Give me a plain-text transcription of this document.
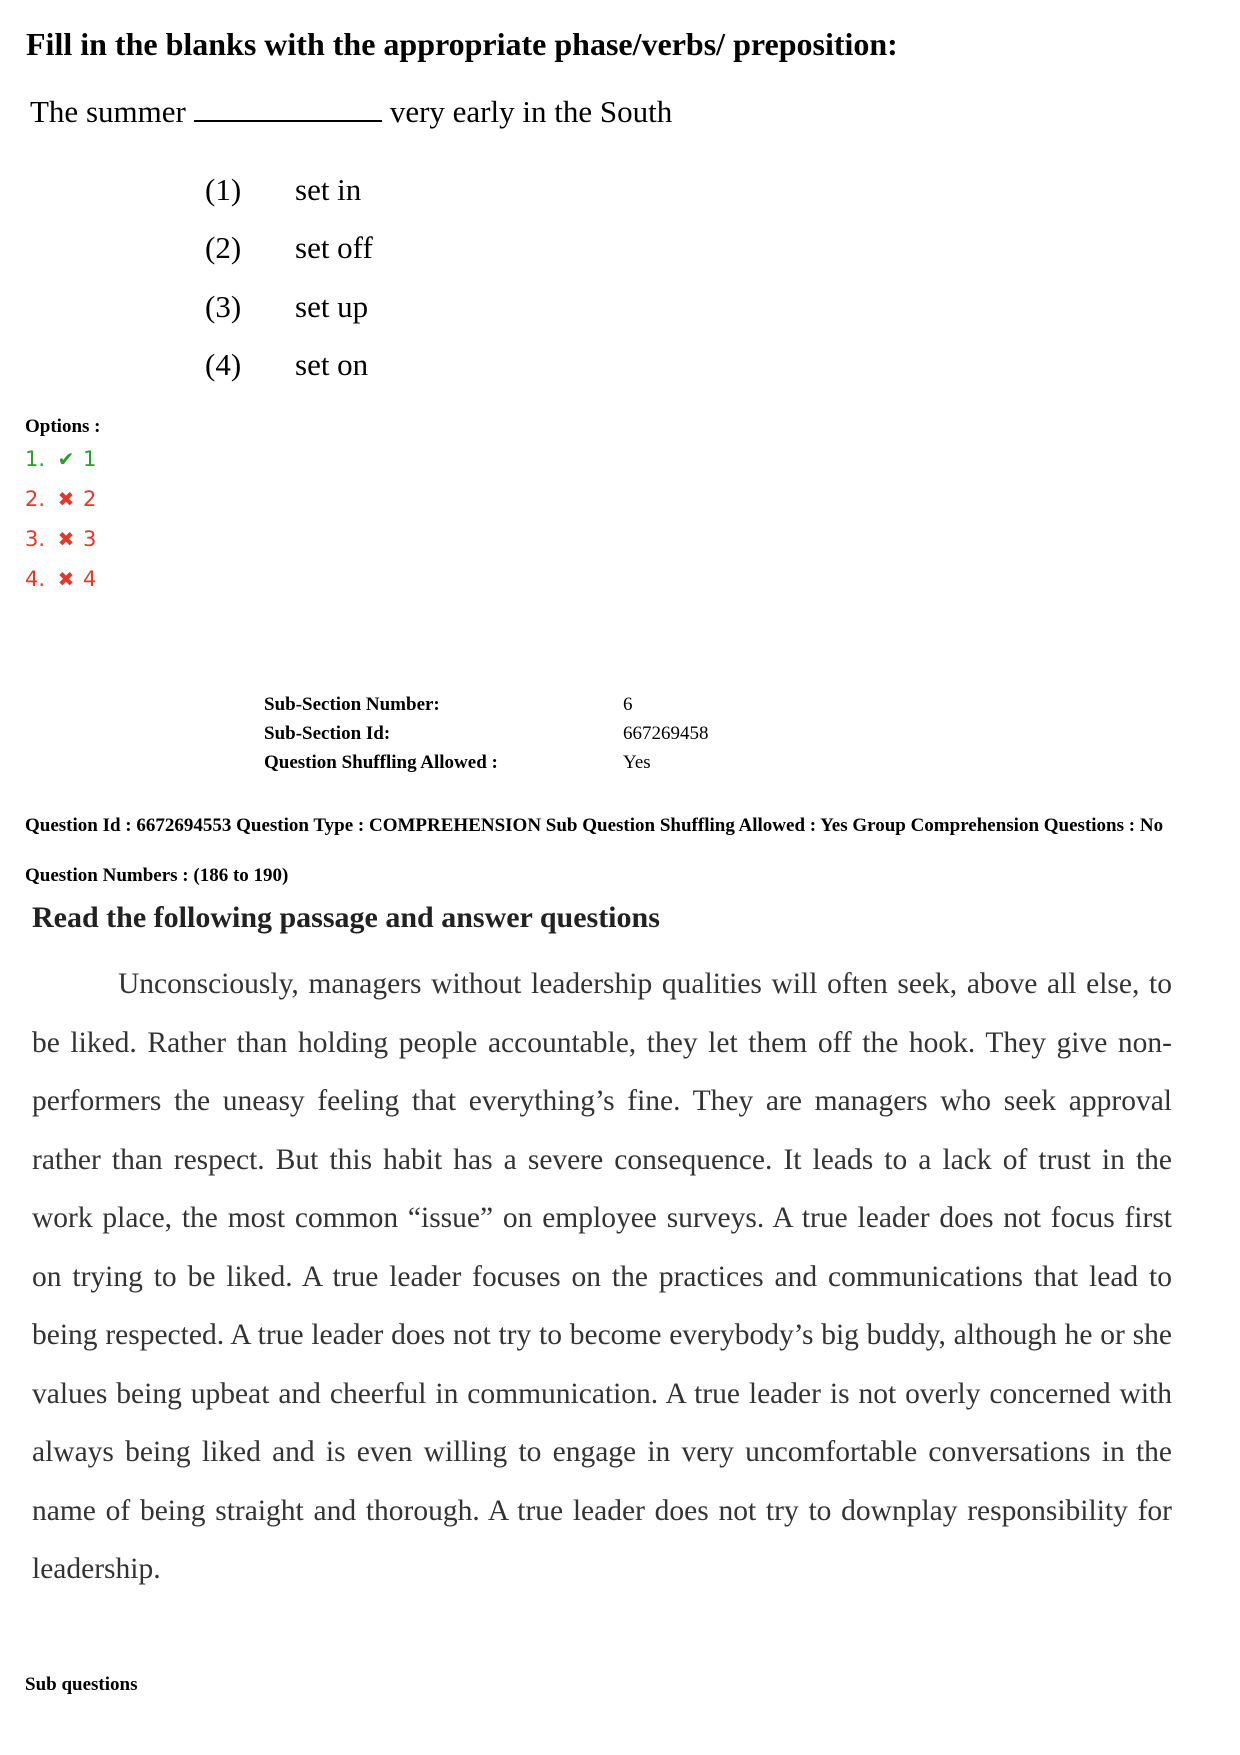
Fill in the blanks with the appropriate phase/verbs/ preposition:
The summer	very early in the South
(1) set in
(2) set off
(3) set up
(4) set on
Options :
1. ✔ 1
2. ✖ 2
3. ✖ 3
4. ✖ 4
Sub-Section Number:	6
Sub-Section Id:	667269458
Question Shuffling Allowed :	Yes
Question Id : 6672694553 Question Type : COMPREHENSION Sub Question Shuffling Allowed : Yes Group Comprehension Questions : No
Question Numbers : (186 to 190)
Read the following passage and answer questions
Unconsciously, managers without leadership qualities will often seek, above all else, to be liked. Rather than holding people accountable, they let them off the hook. They give non-performers the uneasy feeling that everything’s fine. They are managers who seek approval rather than respect. But this habit has a severe consequence. It leads to a lack of trust in the work place, the most common “issue” on employee surveys. A true leader does not focus first on trying to be liked. A true leader focuses on the practices and communications that lead to being respected. A true leader does not try to become everybody’s big buddy, although he or she values being upbeat and cheerful in communication. A true leader is not overly concerned with always being liked and is even willing to engage in very uncomfortable conversations in the name of being straight and thorough. A true leader does not try to downplay responsibility for leadership.
Sub questions
